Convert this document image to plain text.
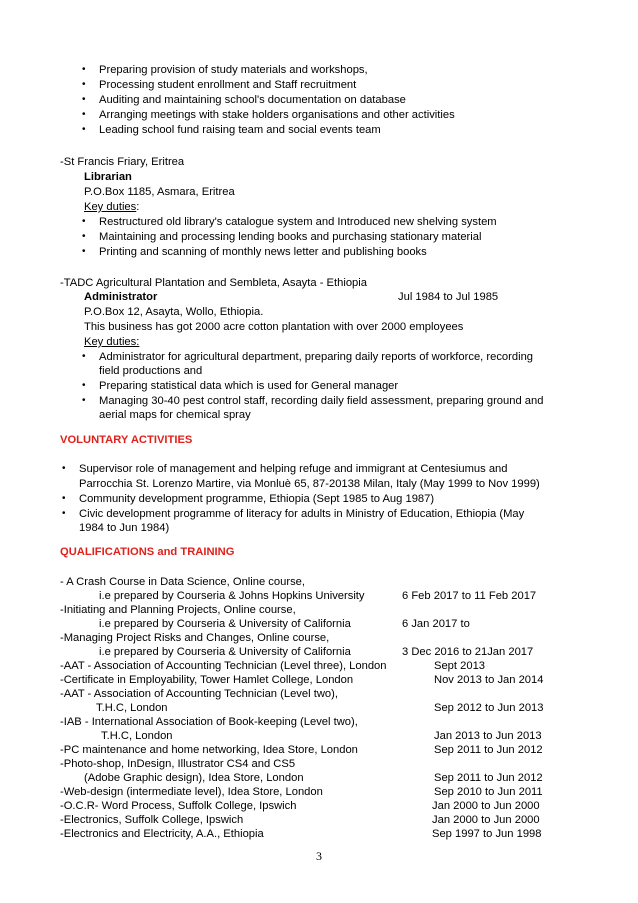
• Preparing provision of study materials and workshops,
• Processing student enrollment and Staff recruitment
• Auditing and maintaining school's documentation on database
• Arranging meetings with stake holders organisations and other activities
• Leading school fund raising team and social events team
-St Francis Friary, Eritrea
Librarian
P.O.Box 1185, Asmara, Eritrea
Key duties:
• Restructured old library's catalogue system and Introduced new shelving system
• Maintaining and processing lending books and purchasing stationary material
• Printing and scanning of monthly news letter and publishing books
-TADC Agricultural Plantation and Sembleta, Asayta - Ethiopia
Administrator	Jul 1984 to Jul 1985
P.O.Box 12, Asayta, Wollo, Ethiopia.
This business has got 2000 acre cotton plantation with over 2000 employees
Key duties:
• Administrator for agricultural department, preparing daily reports of workforce, recording
field productions and
• Preparing statistical data which is used for General manager
• Managing 30-40 pest control staff, recording daily field assessment, preparing ground and
aerial maps for chemical spray
VOLUNTARY ACTIVITIES
• Supervisor role of management and helping refuge and immigrant at Centesiumus and
Parrocchia St. Lorenzo Martire, via Monluè 65, 87-20138 Milan, Italy (May 1999 to Nov 1999)
• Community development programme, Ethiopia (Sept 1985 to Aug 1987)
• Civic development programme of literacy for adults in Ministry of Education, Ethiopia (May
1984 to Jun 1984)
QUALIFICATIONS and TRAINING
- A Crash Course in Data Science, Online course,
i.e prepared by Courseria & Johns Hopkins University	6 Feb 2017 to 11 Feb 2017
-Initiating and Planning Projects, Online course,
i.e prepared by Courseria & University of California	6 Jan 2017 to
-Managing Project Risks and Changes, Online course,
i.e prepared by Courseria & University of California	3 Dec 2016 to 21Jan 2017
-AAT - Association of Accounting Technician (Level three), London	Sept 2013
-Certificate in Employability, Tower Hamlet College, London	Nov 2013 to Jan 2014
-AAT - Association of Accounting Technician (Level two),
T.H.C, London	Sep 2012 to Jun 2013
-IAB - International Association of Book-keeping (Level two),
T.H.C, London	Jan 2013 to Jun 2013
-PC maintenance and home networking, Idea Store, London	Sep 2011 to Jun 2012
-Photo-shop, InDesign, Illustrator CS4 and CS5
(Adobe Graphic design), Idea Store, London	Sep 2011 to Jun 2012
-Web-design (intermediate level), Idea Store, London	Sep 2010 to Jun 2011
-O.C.R- Word Process, Suffolk College, Ipswich	Jan 2000 to Jun 2000
-Electronics, Suffolk College, Ipswich	Jan 2000 to Jun 2000
-Electronics and Electricity, A.A., Ethiopia	Sep 1997 to Jun 1998
3
